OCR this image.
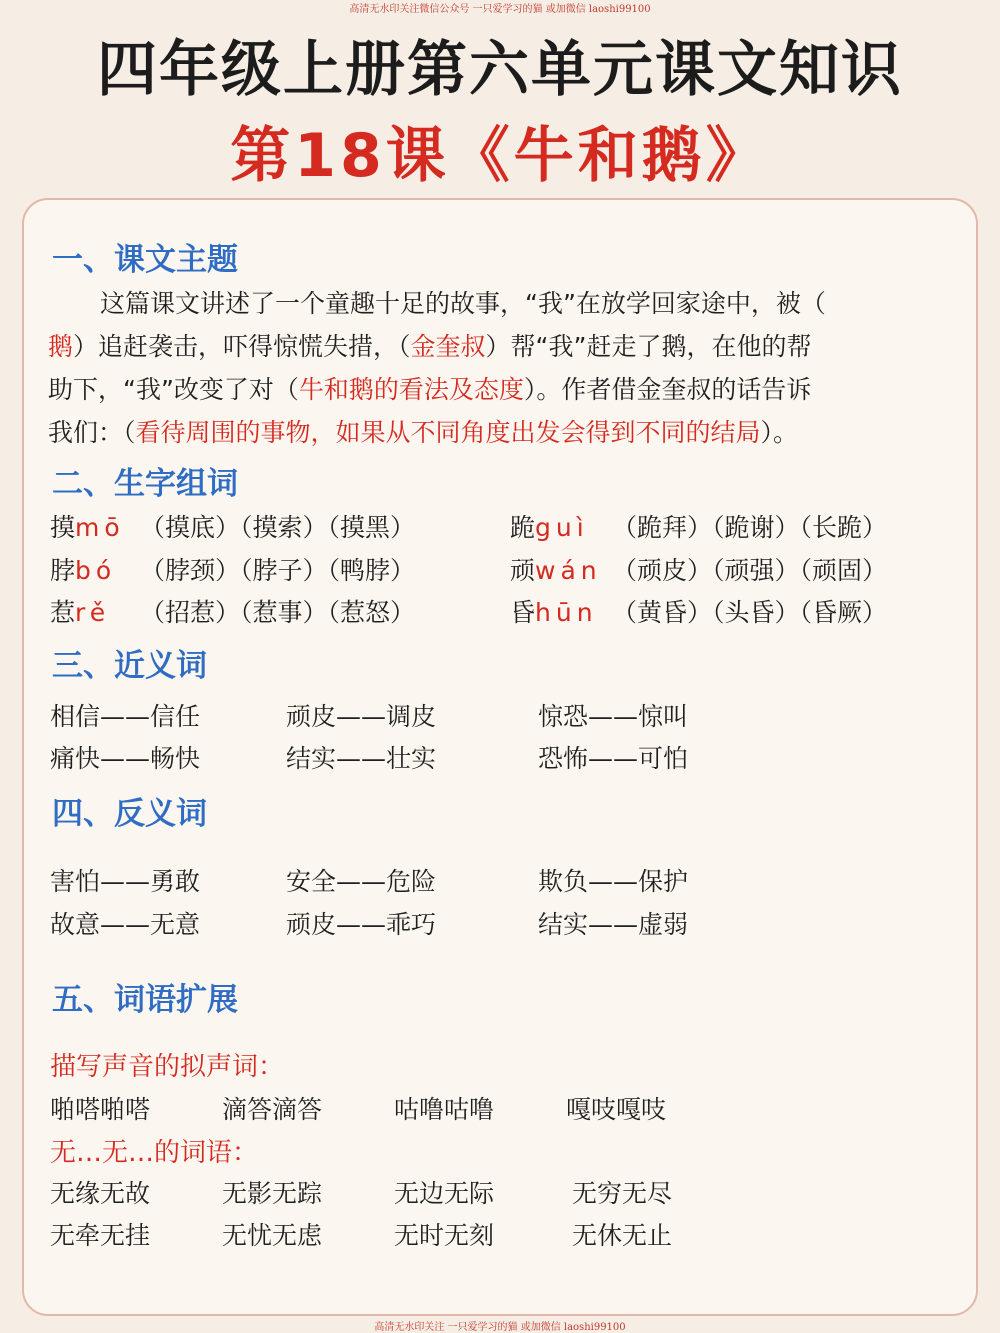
高清无水印关注微信公众号 一只爱学习的猫 或加微信 laoshi99100
四年级上册第六单元课文知识
第18课《牛和鹅》
一、课文主题
这篇课文讲述了一个童趣十足的故事，“我”在放学回家途中，被（
鹅）追赶袭击，吓得惊慌失措，（金奎叔）帮“我”赶走了鹅，在他的帮
助下，“我”改变了对（牛和鹅的看法及态度）。作者借金奎叔的话告诉
我们：（看待周围的事物，如果从不同角度出发会得到不同的结局）。
二、生字组词
摸mō （摸底）（摸索）（摸黑）
脖bó （脖颈）（脖子）（鸭脖）
惹rě （招惹）（惹事）（惹怒）
跪guì （跪拜）（跪谢）（长跪）
顽wán （顽皮）（顽强）（顽固）
昏hūn （黄昏）（头昏）（昏厥）
三、近义词
相信——信任	顽皮——调皮	惊恐——惊叫
痛快——畅快	结实——壮实	恐怖——可怕
四、反义词
害怕——勇敢	安全——危险	欺负——保护
故意——无意	顽皮——乖巧	结实——虚弱
五、词语扩展
描写声音的拟声词：
啪嗒啪嗒	滴答滴答	咕噜咕噜	嘎吱嘎吱
无…无…的词语：
无缘无故	无影无踪	无边无际	无穷无尽
无牵无挂	无忧无虑	无时无刻	无休无止
高清无水印关注 一只爱学习的猫 或加微信 laoshi99100
